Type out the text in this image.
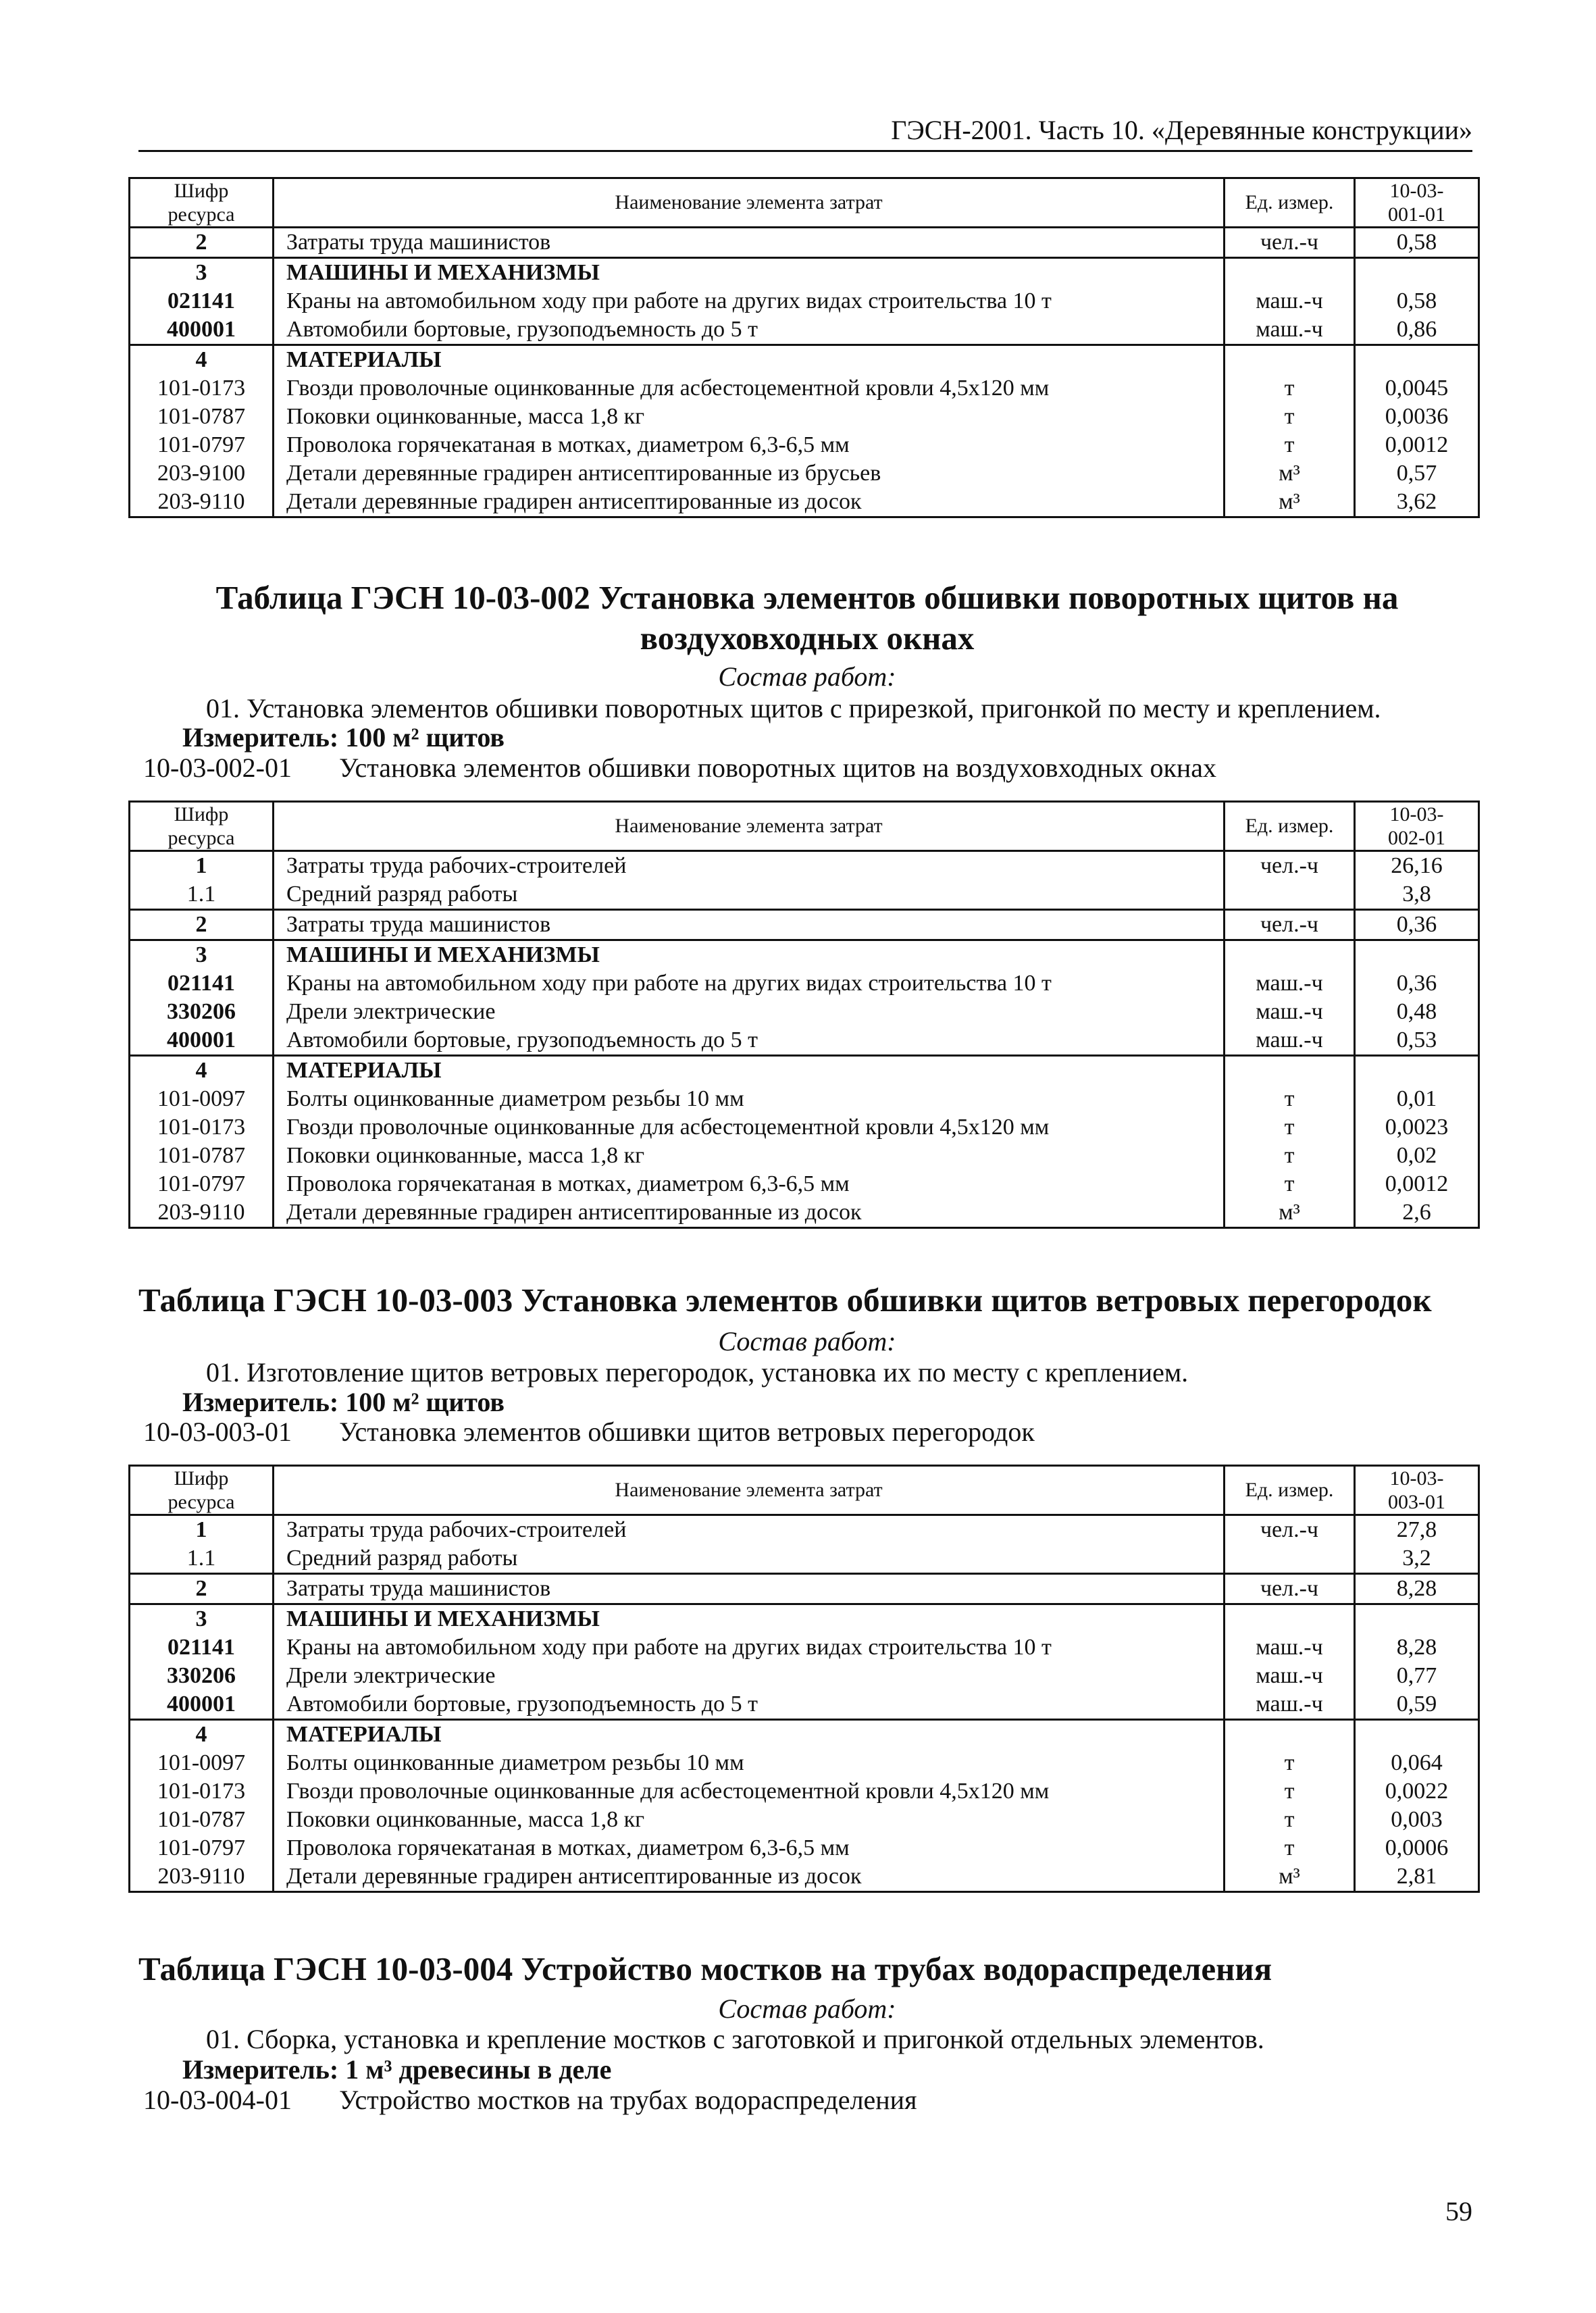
ГЭСН-2001. Часть 10. «Деревянные конструкции»
Шифр
ресурса	Наименование элемента затрат	Ед. измер.	10-03-
001-01
2	Затраты труда машинистов	чел.-ч	0,58
3	МАШИНЫ И МЕХАНИЗМЫ		
021141	Краны на автомобильном ходу при работе на других видах строительства 10 т	маш.-ч	0,58
400001	Автомобили бортовые, грузоподъемность до 5 т	маш.-ч	0,86
4	МАТЕРИАЛЫ		
101-0173	Гвозди проволочные оцинкованные для асбестоцементной кровли 4,5х120 мм	т	0,0045
101-0787	Поковки оцинкованные, масса 1,8 кг	т	0,0036
101-0797	Проволока горячекатаная в мотках, диаметром 6,3-6,5 мм	т	0,0012
203-9100	Детали деревянные градирен антисептированные из брусьев	м³	0,57
203-9110	Детали деревянные градирен антисептированные из досок	м³	3,62
Таблица ГЭСН 10-03-002 Установка элементов обшивки поворотных щитов на
воздуховходных окнах
Состав работ:
01. Установка элементов обшивки поворотных щитов с прирезкой, пригонкой по месту и креплением.
Измеритель: 100 м² щитов
10-03-002-01 Установка элементов обшивки поворотных щитов на воздуховходных окнах
Шифр
ресурса	Наименование элемента затрат	Ед. измер.	10-03-
002-01
1	Затраты труда рабочих-строителей	чел.-ч	26,16
1.1	Средний разряд работы		3,8
2	Затраты труда машинистов	чел.-ч	0,36
3	МАШИНЫ И МЕХАНИЗМЫ		
021141	Краны на автомобильном ходу при работе на других видах строительства 10 т	маш.-ч	0,36
330206	Дрели электрические	маш.-ч	0,48
400001	Автомобили бортовые, грузоподъемность до 5 т	маш.-ч	0,53
4	МАТЕРИАЛЫ		
101-0097	Болты оцинкованные диаметром резьбы 10 мм	т	0,01
101-0173	Гвозди проволочные оцинкованные для асбестоцементной кровли 4,5х120 мм	т	0,0023
101-0787	Поковки оцинкованные, масса 1,8 кг	т	0,02
101-0797	Проволока горячекатаная в мотках, диаметром 6,3-6,5 мм	т	0,0012
203-9110	Детали деревянные градирен антисептированные из досок	м³	2,6
Таблица ГЭСН 10-03-003 Установка элементов обшивки щитов ветровых перегородок
Состав работ:
01. Изготовление щитов ветровых перегородок, установка их по месту с креплением.
Измеритель: 100 м² щитов
10-03-003-01 Установка элементов обшивки щитов ветровых перегородок
Шифр
ресурса	Наименование элемента затрат	Ед. измер.	10-03-
003-01
1	Затраты труда рабочих-строителей	чел.-ч	27,8
1.1	Средний разряд работы		3,2
2	Затраты труда машинистов	чел.-ч	8,28
3	МАШИНЫ И МЕХАНИЗМЫ		
021141	Краны на автомобильном ходу при работе на других видах строительства 10 т	маш.-ч	8,28
330206	Дрели электрические	маш.-ч	0,77
400001	Автомобили бортовые, грузоподъемность до 5 т	маш.-ч	0,59
4	МАТЕРИАЛЫ		
101-0097	Болты оцинкованные диаметром резьбы 10 мм	т	0,064
101-0173	Гвозди проволочные оцинкованные для асбестоцементной кровли 4,5х120 мм	т	0,0022
101-0787	Поковки оцинкованные, масса 1,8 кг	т	0,003
101-0797	Проволока горячекатаная в мотках, диаметром 6,3-6,5 мм	т	0,0006
203-9110	Детали деревянные градирен антисептированные из досок	м³	2,81
Таблица ГЭСН 10-03-004 Устройство мостков на трубах водораспределения
Состав работ:
01. Сборка, установка и крепление мостков с заготовкой и пригонкой отдельных элементов.
Измеритель: 1 м³ древесины в деле
10-03-004-01 Устройство мостков на трубах водораспределения
59
